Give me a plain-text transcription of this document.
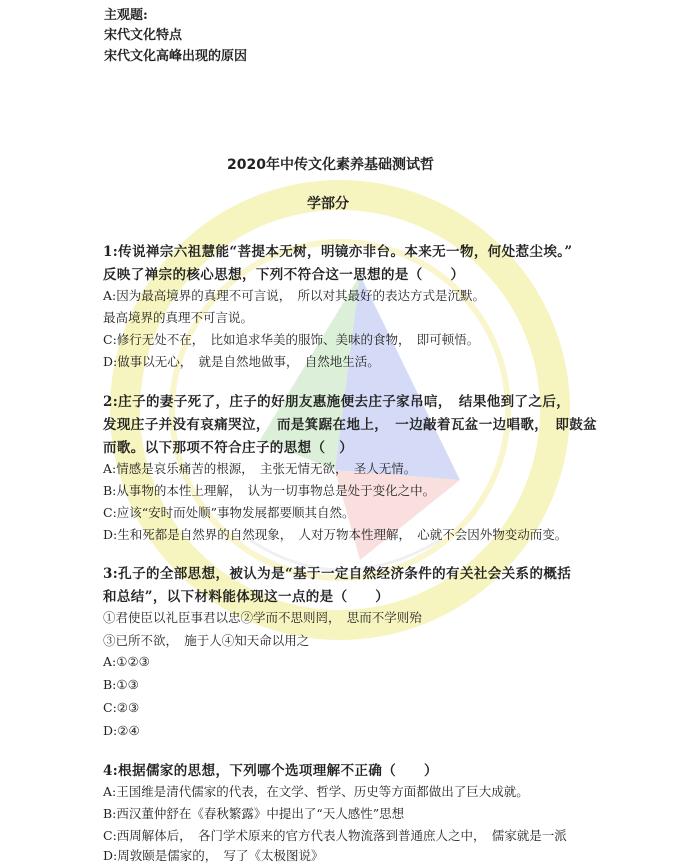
主观题:
宋代文化特点
宋代文化高峰出现的原因
2020年中传文化素养基础测试哲
学部分
1:传说禅宗六祖慧能“菩提本无树，明镜亦非台。本来无一物，何处惹尘埃。”
反映了禅宗的核心思想，下列不符合这一思想的是（　　）
A:因为最高境界的真理不可言说，　所以对其最好的表达方式是沉默。
最高境界的真理不可言说。
C:修行无处不在，　比如追求华美的服饰、美味的食物，　即可顿悟。
D:做事以无心，　就是自然地做事，　自然地生活。
2:庄子的妻子死了，庄子的好朋友惠施便去庄子家吊唁，　结果他到了之后，
发现庄子并没有哀痛哭泣，　而是箕踞在地上，　一边敲着瓦盆一边唱歌，　即鼓盆
而歌。以下那项不符合庄子的思想（　）
A:情感是哀乐痛苦的根源，　主张无情无欲，　圣人无情。
B:从事物的本性上理解，　认为一切事物总是处于变化之中。
C:应该“安时而处顺”事物发展都要顺其自然。
D:生和死都是自然界的自然现象，　人对万物本性理解，　心就不会因外物变动而变。
3:孔子的全部思想，被认为是“基于一定自然经济条件的有关社会关系的概括
和总结”，以下材料能体现这一点的是（　　）
①君使臣以礼臣事君以忠②学而不思则罔，　思而不学则殆
③已所不欲，　施于人④知天命以用之
A:①②③
B:①③
C:②③
D:②④
4:根据儒家的思想，下列哪个选项理解不正确（　　）
A:王国维是清代儒家的代表，在文学、哲学、历史等方面都做出了巨大成就。
B:西汉董仲舒在《春秋繁露》中提出了“天人感性”思想
C:西周解体后，　各门学术原来的官方代表人物流落到普通庶人之中，　儒家就是一派
D:周敦颐是儒家的，　写了《太极图说》
